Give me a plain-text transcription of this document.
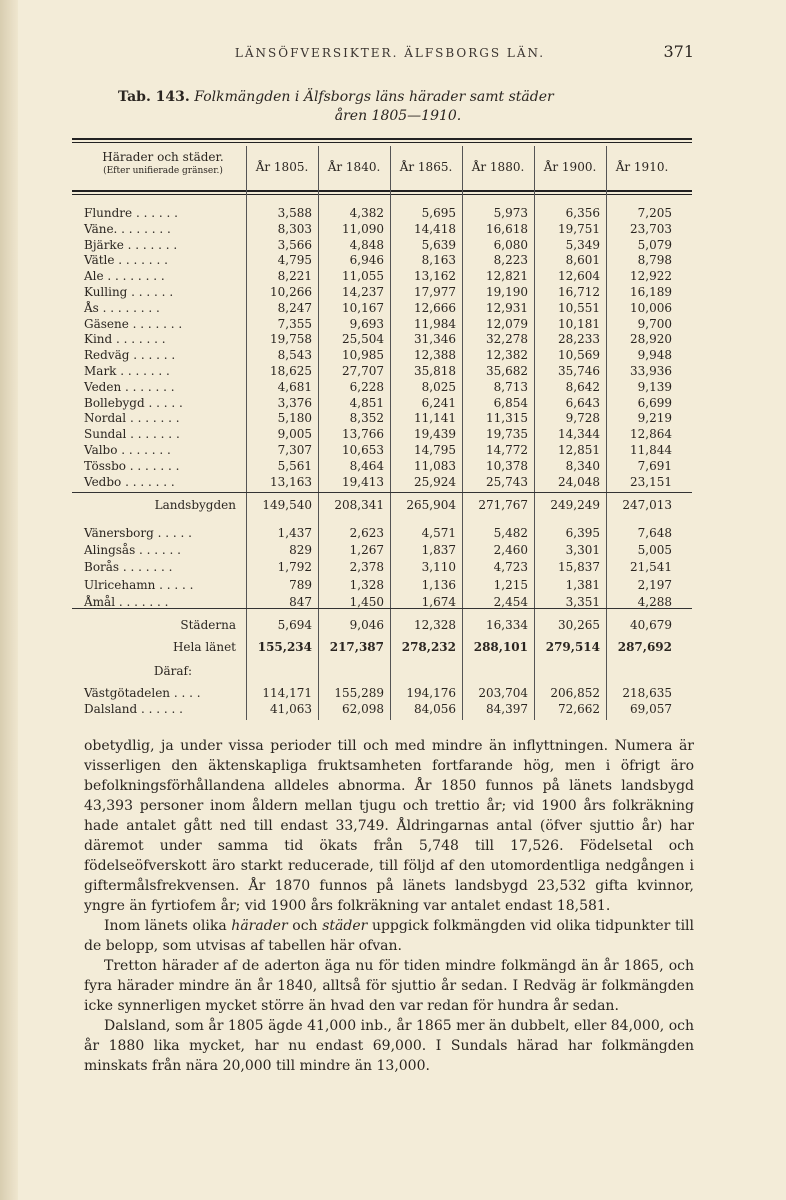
LÄNSÖFVERSIKTER. ÄLFSBORGS LÄN.	371
Tab. 143. Folkmängden i Älfsborgs läns härader samt städer
åren 1805—1910.
Härader och städer.
(Efter unifierade gränser.)	År 1805.	År 1840.	År 1865.	År 1880.	År 1900.	År 1910.
Flundre . . . . . .	3,588	4,382	5,695	5,973	6,356	7,205
Väne. . . . . . . .	8,303	11,090	14,418	16,618	19,751	23,703
Bjärke . . . . . . .	3,566	4,848	5,639	6,080	5,349	5,079
Vätle . . . . . . .	4,795	6,946	8,163	8,223	8,601	8,798
Ale . . . . . . . .	8,221	11,055	13,162	12,821	12,604	12,922
Kulling . . . . . .	10,266	14,237	17,977	19,190	16,712	16,189
Ås . . . . . . . .	8,247	10,167	12,666	12,931	10,551	10,006
Gäsene . . . . . . .	7,355	9,693	11,984	12,079	10,181	9,700
Kind . . . . . . .	19,758	25,504	31,346	32,278	28,233	28,920
Redväg . . . . . .	8,543	10,985	12,388	12,382	10,569	9,948
Mark . . . . . . .	18,625	27,707	35,818	35,682	35,746	33,936
Veden . . . . . . .	4,681	6,228	8,025	8,713	8,642	9,139
Bollebygd . . . . .	3,376	4,851	6,241	6,854	6,643	6,699
Nordal . . . . . . .	5,180	8,352	11,141	11,315	9,728	9,219
Sundal . . . . . . .	9,005	13,766	19,439	19,735	14,344	12,864
Valbo . . . . . . .	7,307	10,653	14,795	14,772	12,851	11,844
Tössbo . . . . . . .	5,561	8,464	11,083	10,378	8,340	7,691
Vedbo . . . . . . .	13,163	19,413	25,924	25,743	24,048	23,151
Landsbygden	149,540	208,341	265,904	271,767	249,249	247,013
Vänersborg . . . . .	1,437	2,623	4,571	5,482	6,395	7,648
Alingsås . . . . . .	829	1,267	1,837	2,460	3,301	5,005
Borås . . . . . . .	1,792	2,378	3,110	4,723	15,837	21,541
Ulricehamn . . . . .	789	1,328	1,136	1,215	1,381	2,197
Åmål . . . . . . .	847	1,450	1,674	2,454	3,351	4,288
Städerna	5,694	9,046	12,328	16,334	30,265	40,679
Hela länet	155,234	217,387	278,232	288,101	279,514	287,692
Däraf:
Västgötadelen . . . .	114,171	155,289	194,176	203,704	206,852	218,635
Dalsland . . . . . .	41,063	62,098	84,056	84,397	72,662	69,057

obetydlig, ja under vissa perioder till och med mindre än inflyttningen. Numera är visserligen den äktenskapliga fruktsamheten fortfarande hög, men i öfrigt äro befolkningsförhållandena alldeles abnorma. År 1850 funnos på länets landsbygd 43,393 personer inom åldern mellan tjugu och trettio år; vid 1900 års folkräkning hade antalet gått ned till endast 33,749. Åldringarnas antal (öfver sjuttio år) har däremot under samma tid ökats från 5,748 till 17,526. Födelsetal och födelseöfverskott äro starkt reducerade, till följd af den utomordentliga nedgången i giftermålsfrekvensen. År 1870 funnos på länets landsbygd 23,532 gifta kvinnor, yngre än fyrtiofem år; vid 1900 års folkräkning var antalet endast 18,581.

Inom länets olika härader och städer uppgick folkmängden vid olika tidpunkter till de belopp, som utvisas af tabellen här ofvan.

Tretton härader af de aderton äga nu för tiden mindre folkmängd än år 1865, och fyra härader mindre än år 1840, alltså för sjuttio år sedan. I Redväg är folkmängden icke synnerligen mycket större än hvad den var redan för hundra år sedan.

Dalsland, som år 1805 ägde 41,000 inb., år 1865 mer än dubbelt, eller 84,000, och år 1880 lika mycket, har nu endast 69,000. I Sundals härad har folkmängden minskats från nära 20,000 till mindre än 13,000.
